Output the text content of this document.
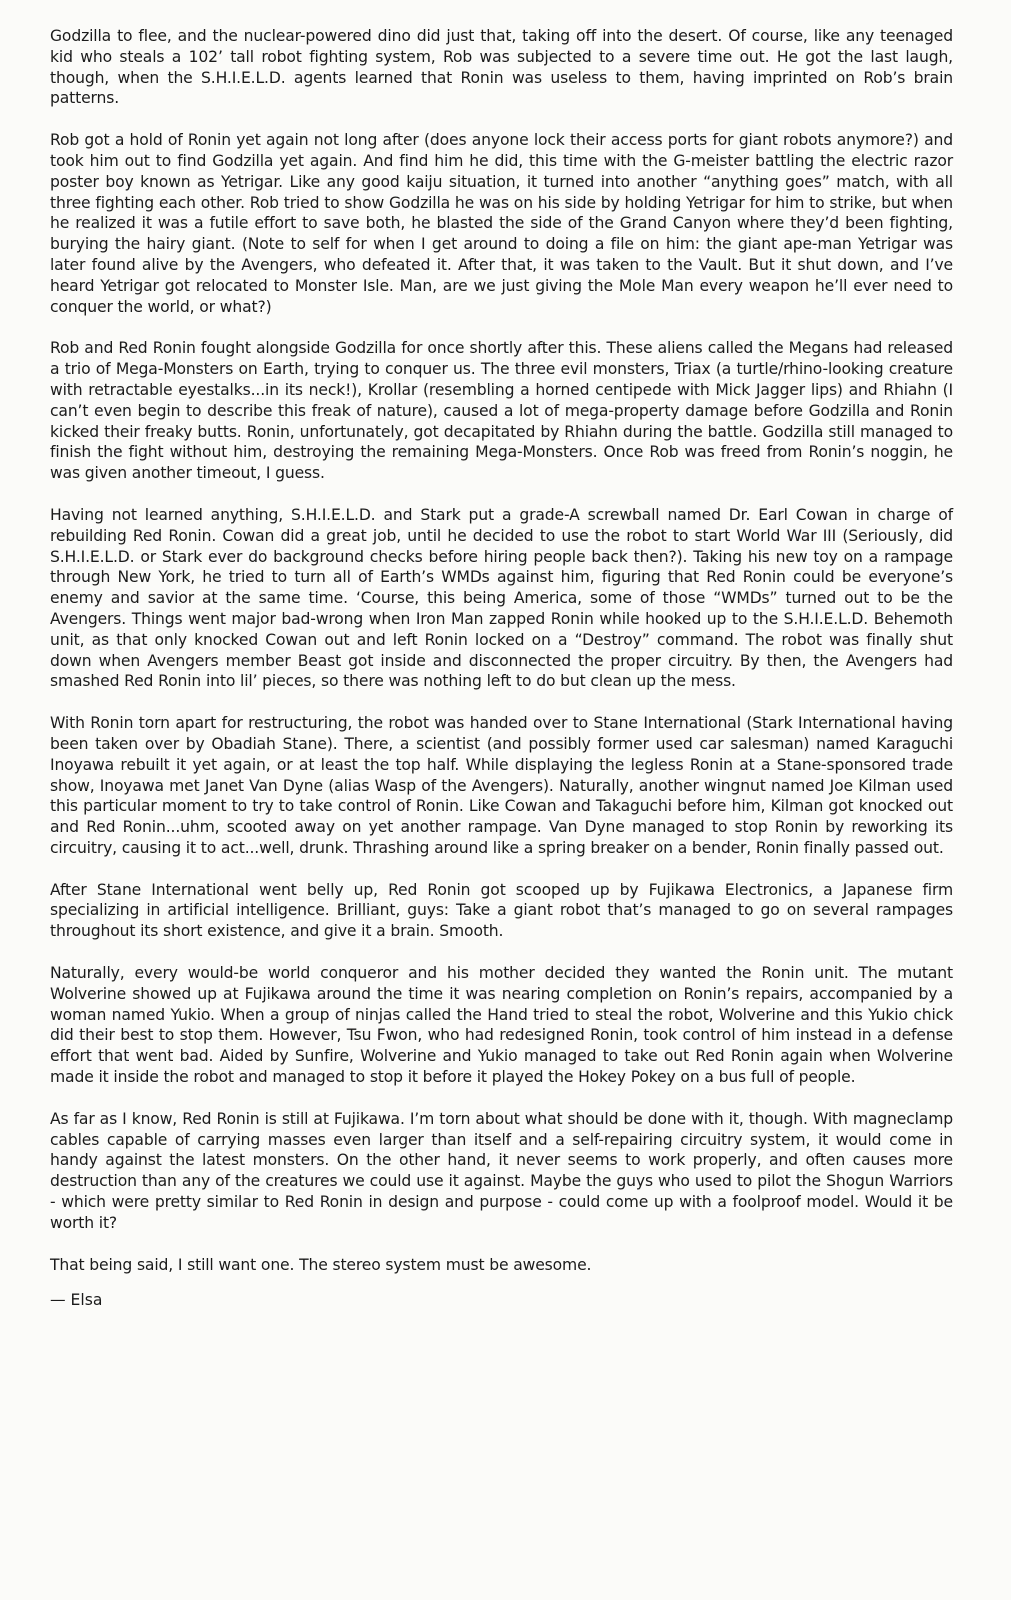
Godzilla to flee, and the nuclear-powered dino did just that, taking off into the desert. Of course, like any teenaged kid who steals a 102’ tall robot fighting system, Rob was subjected to a severe time out. He got the last laugh, though, when the S.H.I.E.L.D. agents learned that Ronin was useless to them, having imprinted on Rob’s brain patterns.

Rob got a hold of Ronin yet again not long after (does anyone lock their access ports for giant robots anymore?) and took him out to find Godzilla yet again. And find him he did, this time with the G-meister battling the electric razor poster boy known as Yetrigar. Like any good kaiju situation, it turned into another “anything goes” match, with all three fighting each other. Rob tried to show Godzilla he was on his side by holding Yetrigar for him to strike, but when he realized it was a futile effort to save both, he blasted the side of the Grand Canyon where they’d been fighting, burying the hairy giant. (Note to self for when I get around to doing a file on him: the giant ape-man Yetrigar was later found alive by the Avengers, who defeated it. After that, it was taken to the Vault. But it shut down, and I’ve heard Yetrigar got relocated to Monster Isle. Man, are we just giving the Mole Man every weapon he’ll ever need to conquer the world, or what?)

Rob and Red Ronin fought alongside Godzilla for once shortly after this. These aliens called the Megans had released a trio of Mega-Monsters on Earth, trying to conquer us. The three evil monsters, Triax (a turtle/rhino-looking creature with retractable eyestalks...in its neck!), Krollar (resembling a horned centipede with Mick Jagger lips) and Rhiahn (I can’t even begin to describe this freak of nature), caused a lot of mega-property damage before Godzilla and Ronin kicked their freaky butts. Ronin, unfortunately, got decapitated by Rhiahn during the battle. Godzilla still managed to finish the fight without him, destroying the remaining Mega-Monsters. Once Rob was freed from Ronin’s noggin, he was given another timeout, I guess.

Having not learned anything, S.H.I.E.L.D. and Stark put a grade-A screwball named Dr. Earl Cowan in charge of rebuilding Red Ronin. Cowan did a great job, until he decided to use the robot to start World War III (Seriously, did S.H.I.E.L.D. or Stark ever do background checks before hiring people back then?). Taking his new toy on a rampage through New York, he tried to turn all of Earth’s WMDs against him, figuring that Red Ronin could be everyone’s enemy and savior at the same time. ‘Course, this being America, some of those “WMDs” turned out to be the Avengers. Things went major bad-wrong when Iron Man zapped Ronin while hooked up to the S.H.I.E.L.D. Behemoth unit, as that only knocked Cowan out and left Ronin locked on a “Destroy” command. The robot was finally shut down when Avengers member Beast got inside and disconnected the proper circuitry. By then, the Avengers had smashed Red Ronin into lil’ pieces, so there was nothing left to do but clean up the mess.

With Ronin torn apart for restructuring, the robot was handed over to Stane International (Stark International having been taken over by Obadiah Stane). There, a scientist (and possibly former used car salesman) named Karaguchi Inoyawa rebuilt it yet again, or at least the top half. While displaying the legless Ronin at a Stane-sponsored trade show, Inoyawa met Janet Van Dyne (alias Wasp of the Avengers). Naturally, another wingnut named Joe Kilman used this particular moment to try to take control of Ronin. Like Cowan and Takaguchi before him, Kilman got knocked out and Red Ronin...uhm, scooted away on yet another rampage. Van Dyne managed to stop Ronin by reworking its circuitry, causing it to act...well, drunk. Thrashing around like a spring breaker on a bender, Ronin finally passed out.

After Stane International went belly up, Red Ronin got scooped up by Fujikawa Electronics, a Japanese firm specializing in artificial intelligence. Brilliant, guys: Take a giant robot that’s managed to go on several rampages throughout its short existence, and give it a brain. Smooth.

Naturally, every would-be world conqueror and his mother decided they wanted the Ronin unit. The mutant Wolverine showed up at Fujikawa around the time it was nearing completion on Ronin’s repairs, accompanied by a woman named Yukio. When a group of ninjas called the Hand tried to steal the robot, Wolverine and this Yukio chick did their best to stop them. However, Tsu Fwon, who had redesigned Ronin, took control of him instead in a defense effort that went bad. Aided by Sunfire, Wolverine and Yukio managed to take out Red Ronin again when Wolverine made it inside the robot and managed to stop it before it played the Hokey Pokey on a bus full of people.

As far as I know, Red Ronin is still at Fujikawa. I’m torn about what should be done with it, though. With magneclamp cables capable of carrying masses even larger than itself and a self-repairing circuitry system, it would come in handy against the latest monsters. On the other hand, it never seems to work properly, and often causes more destruction than any of the creatures we could use it against. Maybe the guys who used to pilot the Shogun Warriors - which were pretty similar to Red Ronin in design and purpose - could come up with a foolproof model. Would it be worth it?

That being said, I still want one. The stereo system must be awesome.

— Elsa
